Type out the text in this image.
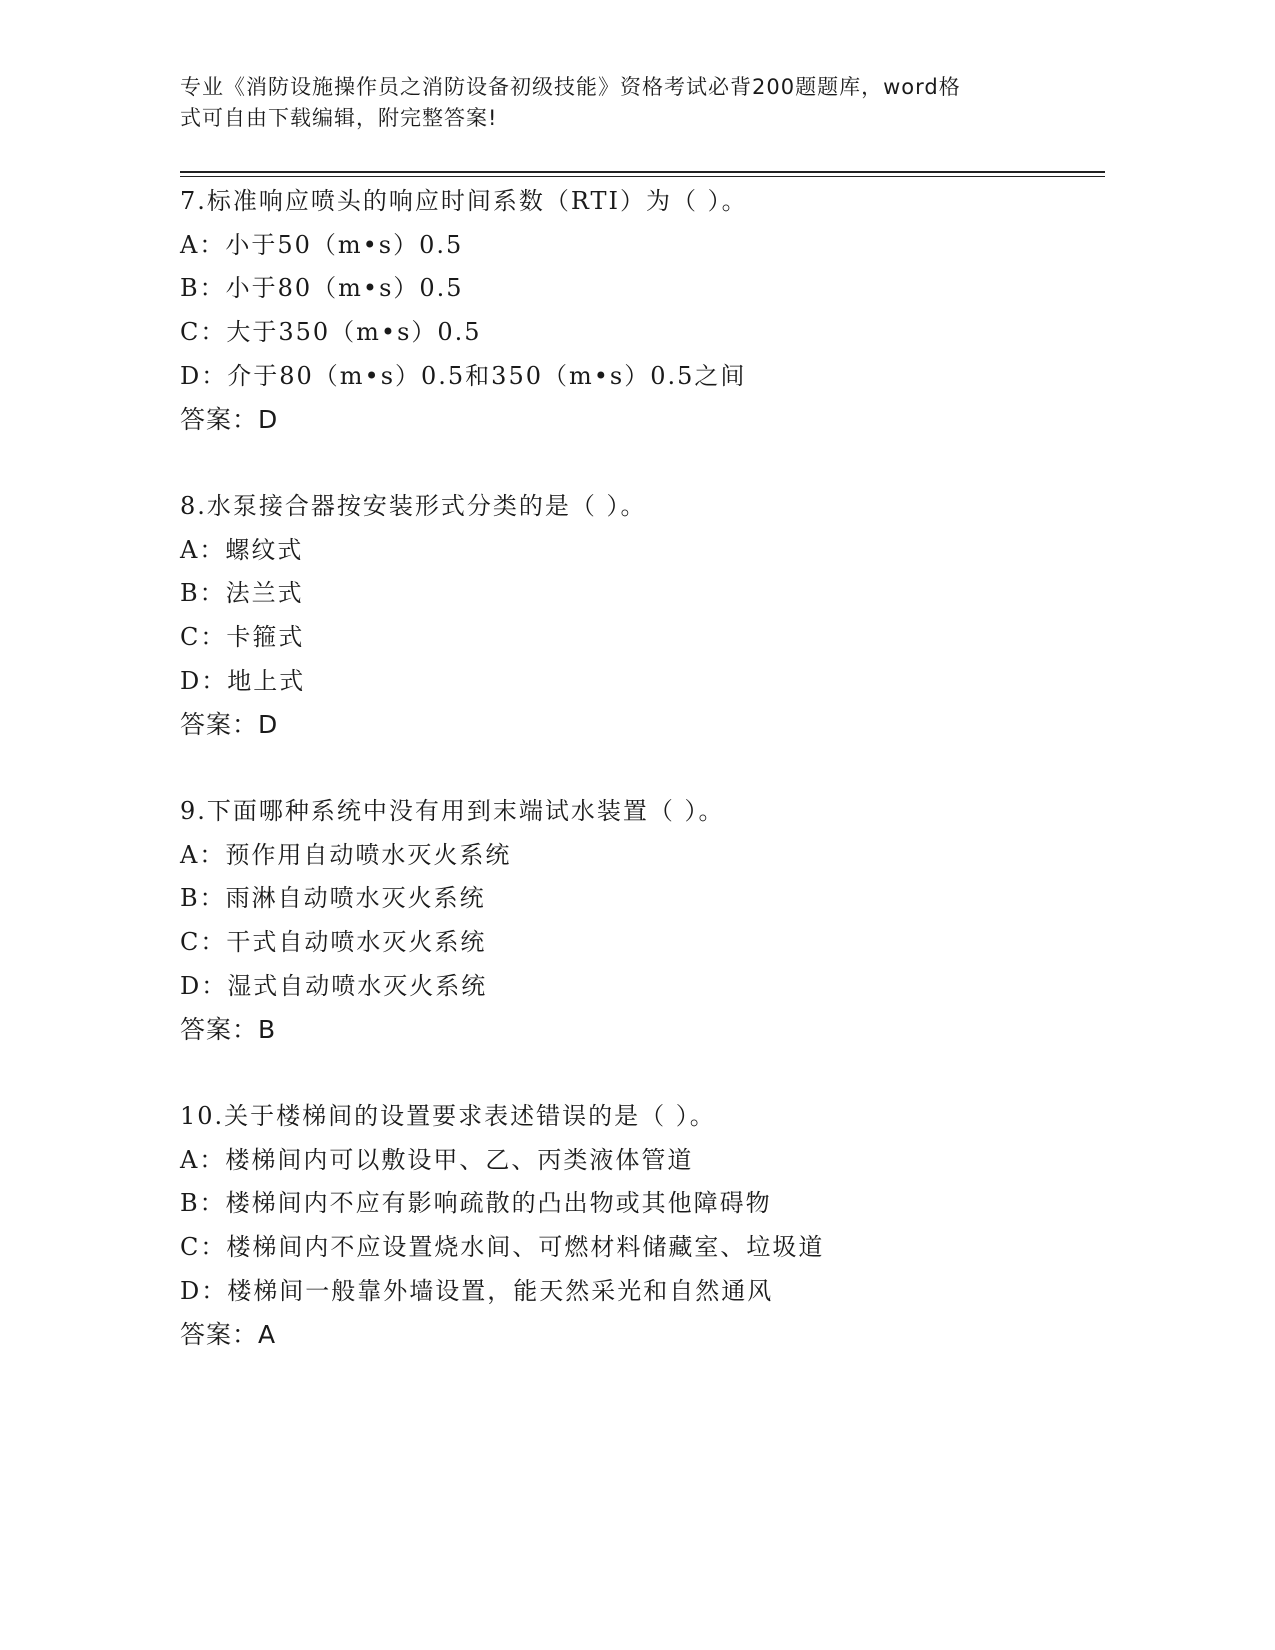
专业《消防设施操作员之消防设备初级技能》资格考试必背200题题库，word格
式可自由下载编辑，附完整答案!
7.标准响应喷头的响应时间系数（RTI）为（ ）。
A：小于50（m•s）0.5
B：小于80（m•s）0.5
C：大于350（m•s）0.5
D：介于80（m•s）0.5和350（m•s）0.5之间
答案：D
8.水泵接合器按安装形式分类的是（ ）。
A：螺纹式
B：法兰式
C：卡箍式
D：地上式
答案：D
9.下面哪种系统中没有用到末端试水装置（ ）。
A：预作用自动喷水灭火系统
B：雨淋自动喷水灭火系统
C：干式自动喷水灭火系统
D：湿式自动喷水灭火系统
答案：B
10.关于楼梯间的设置要求表述错误的是（ ）。
A：楼梯间内可以敷设甲、乙、丙类液体管道
B：楼梯间内不应有影响疏散的凸出物或其他障碍物
C：楼梯间内不应设置烧水间、可燃材料储藏室、垃圾道
D：楼梯间一般靠外墙设置，能天然采光和自然通风
答案：A
